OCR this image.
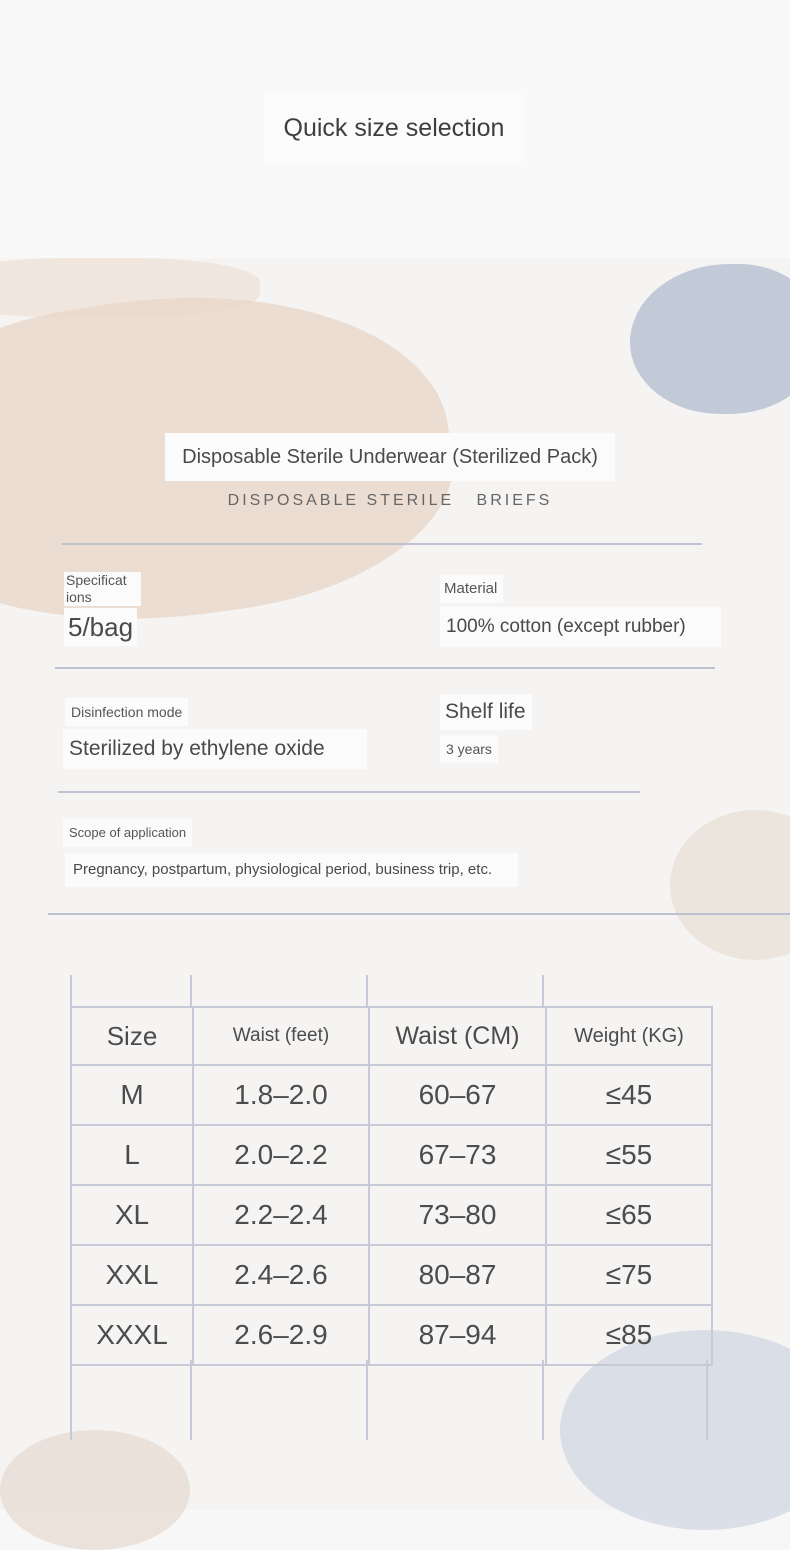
Quick size selection
Disposable Sterile Underwear (Sterilized Pack)
DISPOSABLE STERILE   BRIEFS
Specificat ions
5/bag
Material
100% cotton (except rubber)
Disinfection mode
Sterilized by ethylene oxide
Shelf life
3 years
Scope of application
Pregnancy, postpartum, physiological period, business trip, etc.
Size	Waist (feet)	Waist (CM)	Weight (KG)
M	1.8–2.0	60–67	≤45
L	2.0–2.2	67–73	≤55
XL	2.2–2.4	73–80	≤65
XXL	2.4–2.6	80–87	≤75
XXXL	2.6–2.9	87–94	≤85
